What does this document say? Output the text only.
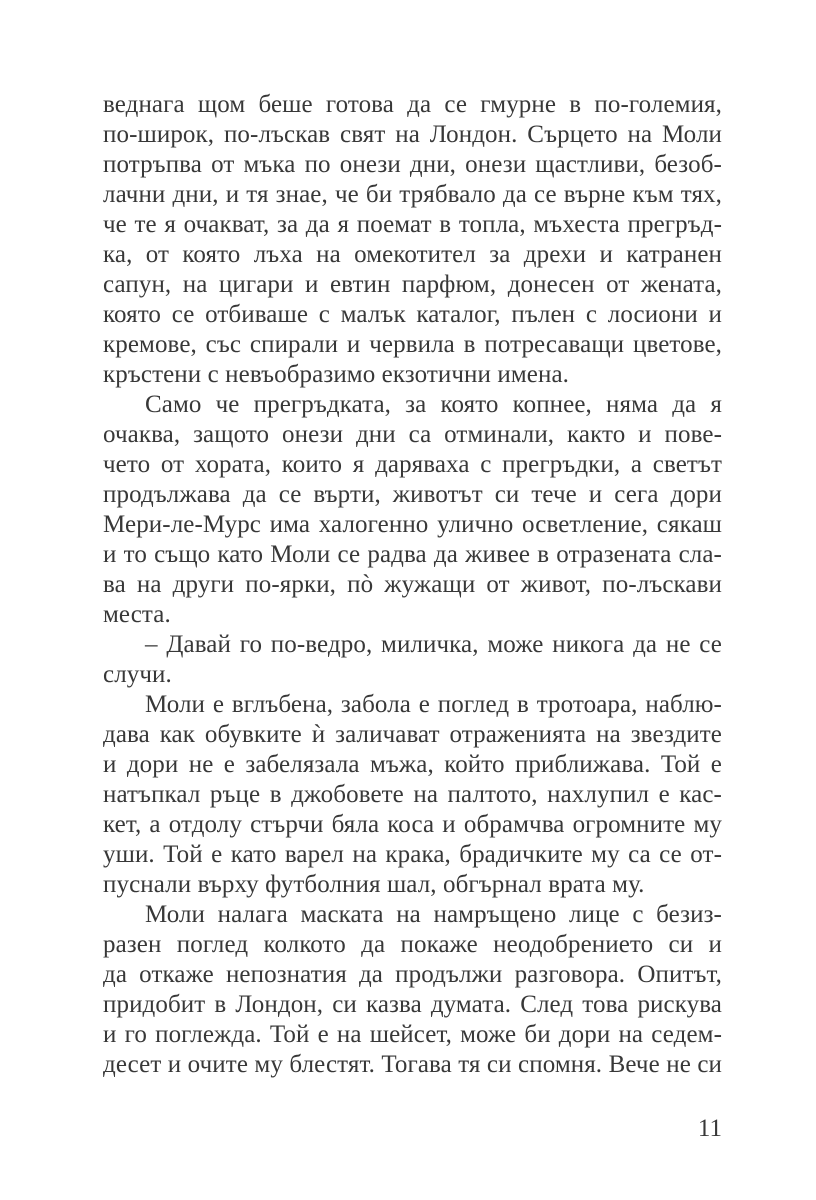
веднага щом беше готова да се гмурне в по-големия,
по-широк, по-лъскав свят на Лондон. Сърцето на Моли
потръпва от мъка по онези дни, онези щастливи, безоб-
лачни дни, и тя знае, че би трябвало да се върне към тях,
че те я очакват, за да я поемат в топла, мъхеста прегръд-
ка, от която лъха на омекотител за дрехи и катранен
сапун, на цигари и евтин парфюм, донесен от жената,
която се отбиваше с малък каталог, пълен с лосиони и
кремове, със спирали и червила в потресаващи цветове,
кръстени с невъобразимо екзотични имена.
Само че прегръдката, за която копнее, няма да я
очаква, защото онези дни са отминали, както и пове-
чето от хората, които я даряваха с прегръдки, а светът
продължава да се върти, животът си тече и сега дори
Мери-ле-Мурс има халогенно улично осветление, сякаш
и то също като Моли се радва да живее в отразената сла-
ва на други по-ярки, пò жужащи от живот, по-лъскави
места.
– Давай го по-ведро, миличка, може никога да не се
случи.
Моли е вглъбена, забола е поглед в тротоара, наблю-
дава как обувките ѝ заличават отраженията на звездите
и дори не е забелязала мъжа, който приближава. Той е
натъпкал ръце в джобовете на палтото, нахлупил е кас-
кет, а отдолу стърчи бяла коса и обрамчва огромните му
уши. Той е като варел на крака, брадичките му са се от-
пуснали върху футболния шал, обгърнал врата му.
Моли налага маската на намръщено лице с безиз-
разен поглед колкото да покаже неодобрението си и
да откаже непознатия да продължи разговора. Опитът,
придобит в Лондон, си казва думата. След това рискува
и го поглежда. Той е на шейсет, може би дори на седем-
десет и очите му блестят. Тогава тя си спомня. Вече не си
11
